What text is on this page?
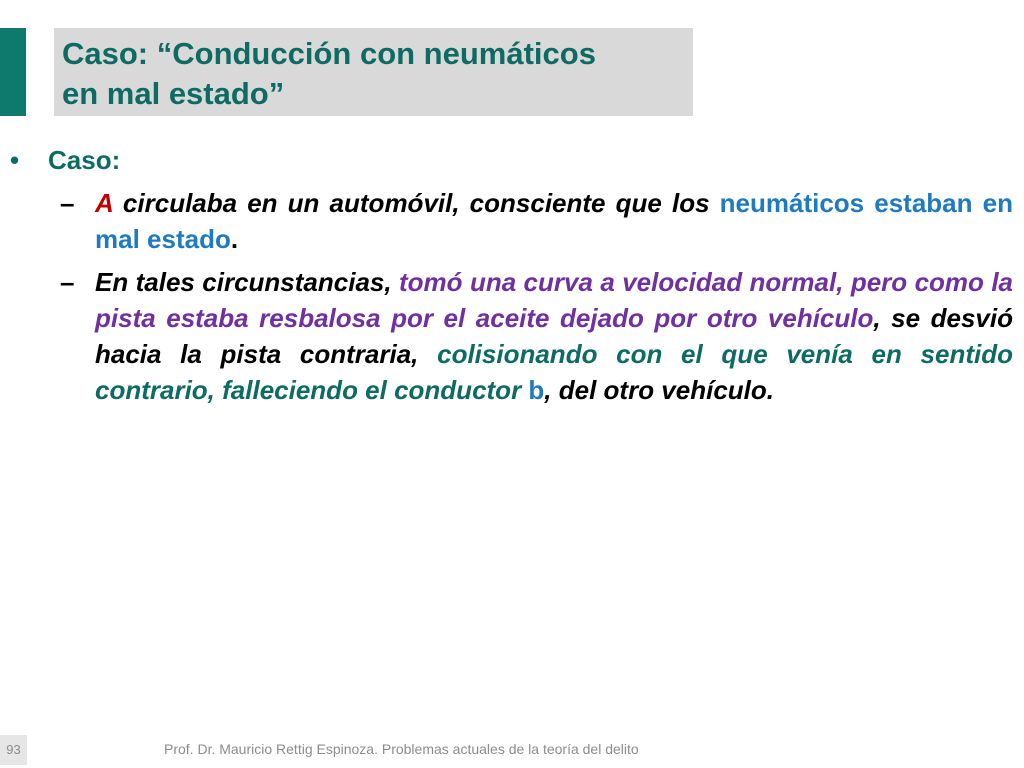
Caso: “Conducción con neumáticos
en mal estado”
• Caso:
– A circulaba en un automóvil, consciente que los neumáticos estaban en mal estado.
– En tales circunstancias, tomó una curva a velocidad normal, pero como la pista estaba resbalosa por el aceite dejado por otro vehículo, se desvió hacia la pista contraria, colisionando con el que venía en sentido contrario, falleciendo el conductor b, del otro vehículo.
93	Prof. Dr. Mauricio Rettig Espinoza. Problemas actuales de la teoría del delito
